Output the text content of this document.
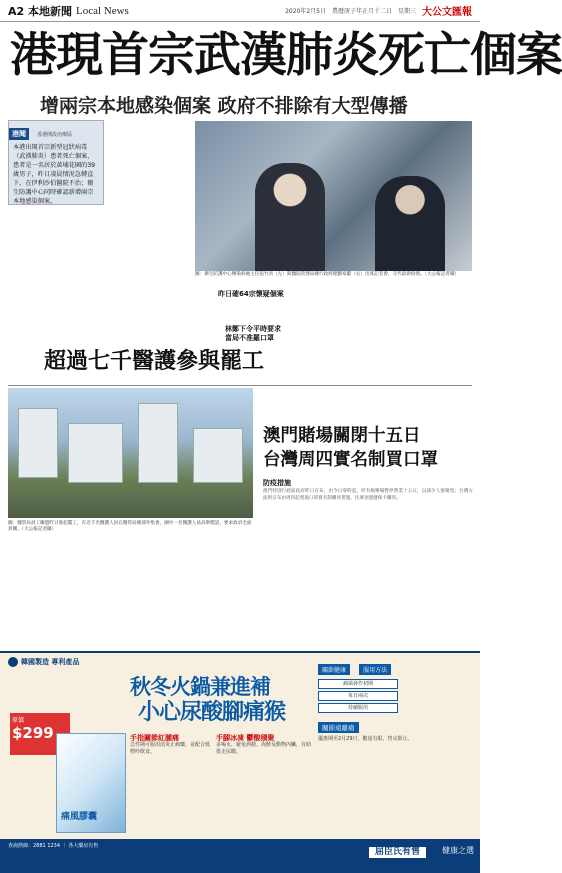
A2 本地新聞 Local News	2020年2月5日　農曆庚子年正月十二日　星期三 大公文匯報
港現首宗武漢肺炎死亡個案
增兩宗本地感染個案 政府不排除有大型傳播
港聞 香港開設治療區
本港出現首宗新型冠狀病毒（武漢肺炎）患者死亡個案，患者是一名居於黃埔花園的39歲男子，昨日凌晨情況急轉直下，在伊利沙伯醫院不治；衛生防護中心同時確認新增兩宗本地感染個案。
圖：衛生防護中心傳染病處主任張竹君（左）與醫院管理局總行政經理劉家獻（右）出席記者會，交代最新疫情。（大公報記者攝）
昨日確64宗懷疑個案
林鄭下令平時要求當局不准羅口罩
超過七千醫護參與罷工
圖：醫管局員工聯盟昨日發起罷工，有近千名醫護人員在醫管局總部外集會。圖中一名醫護人員高舉標語，要求政府全面封關。（大公報記者攝）
澳門賭場關閉十五日
台灣周四實名制買口罩
防疫措施
澳門特別行政區政府昨日宣布，由今日零時起，所有娛樂場暫停營業十五日，以減少人群聚集；台灣方面則宣布由周四起實施口罩實名制購買措施，民眾須憑健保卡購買。
韓國製造 專利產品
秋冬火鍋兼進補
小心尿酸腳痛猴
原價
$299
痛風膠囊
手指關節紅腫痛
急性期可服用消炎止痛藥，並配合低嘌呤飲食。
手腳冰凍 鬱酸積聚
多喝水，避免酒精、海鮮及動物內臟，有助排走尿酸。
關節健康	服用方法
痛風發作初期
每日兩次
持續服用
關節遠離痛
優惠期至2月29日，數量有限，售完即止。
查詢熱線：2881 1234 ｜ 各大藥房有售
屈臣氏有售	健康之選
